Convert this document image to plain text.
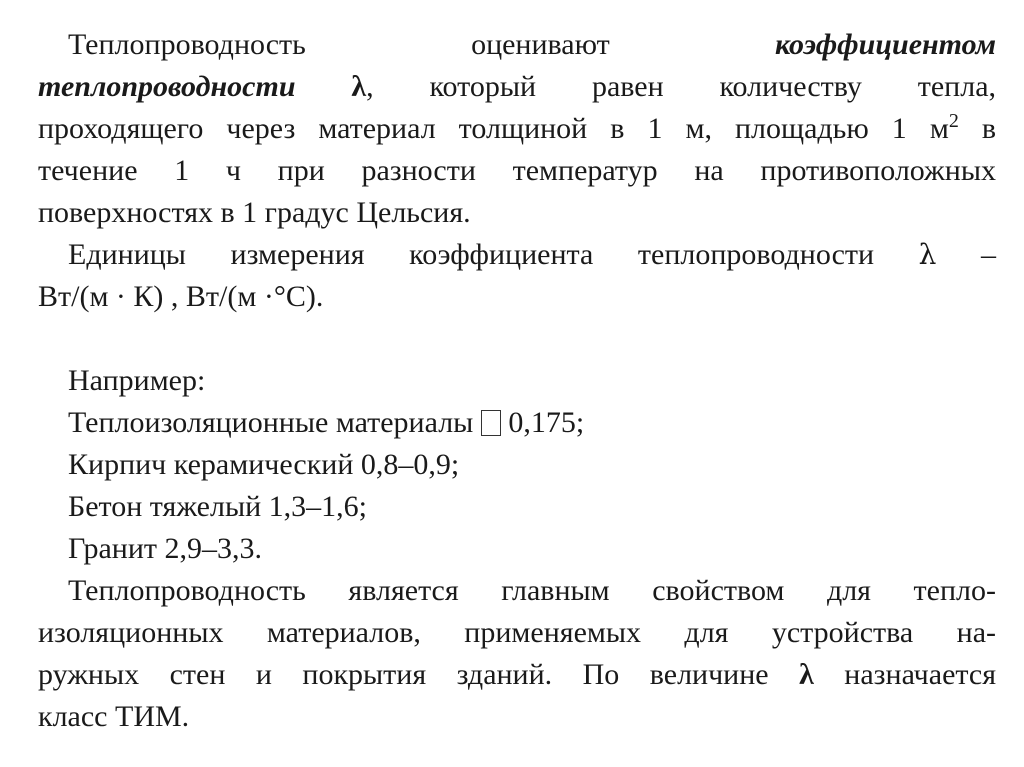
Теплопроводность	оценивают	коэффициентом
теплопроводности λ, который равен количеству тепла,
проходящего через материал толщиной в 1 м, площадью 1 $м^2$ в
течение 1 ч при разности температур на противоположных
поверхностях в 1 градус Цельсия.
Единицы измерения коэффициента теплопроводности λ –
Вт/(м · К) , Вт/(м ·°С).

Например:

Теплоизоляционные материалы 0,175;

Кирпич керамический 0,8–0,9;

Бетон тяжелый 1,3–1,6;

Гранит 2,9–3,3.

Теплопроводность является главным свойством для тепло-
изоляционных материалов, применяемых для устройства на-
ружных стен и покрытия зданий. По величине λ назначается
класс ТИМ.
